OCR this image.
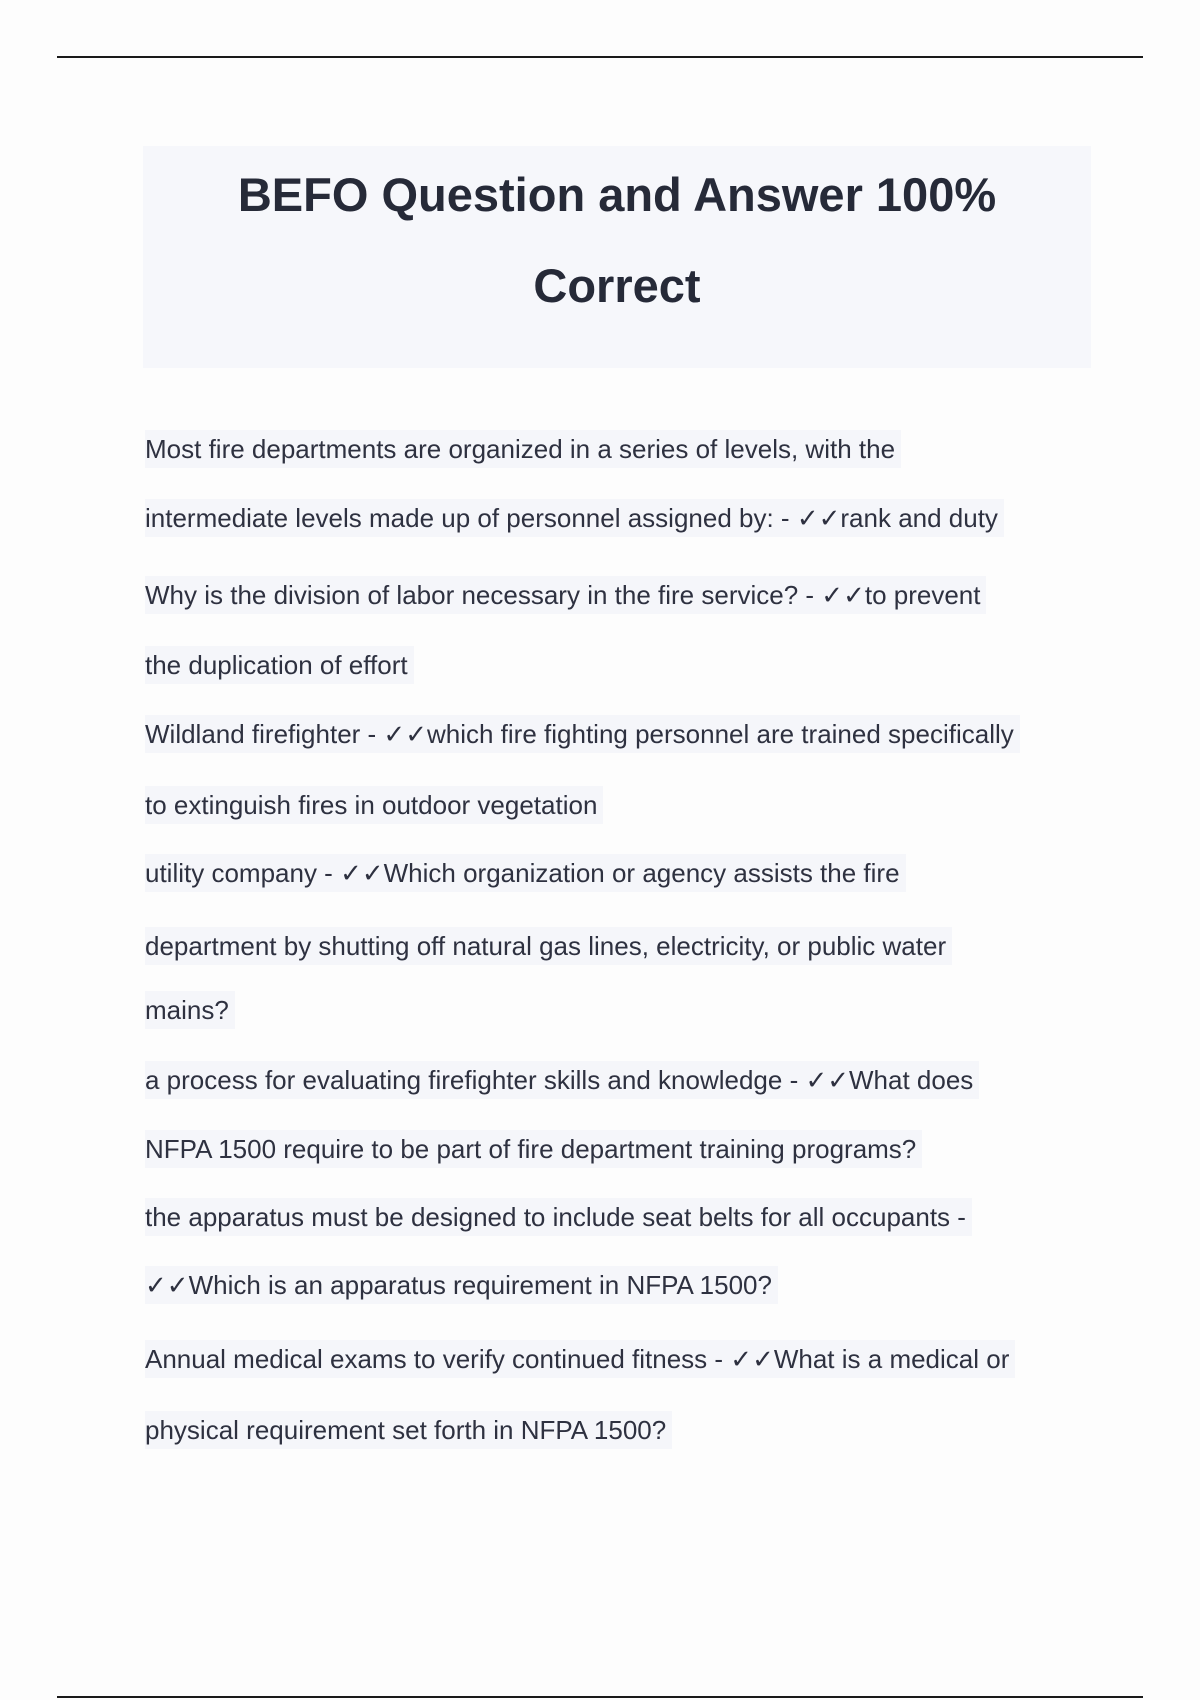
BEFO Question and Answer 100%
Correct
Most fire departments are organized in a series of levels, with the
intermediate levels made up of personnel assigned by: - ✓✓rank and duty
Why is the division of labor necessary in the fire service? - ✓✓to prevent
the duplication of effort
Wildland firefighter - ✓✓which fire fighting personnel are trained specifically
to extinguish fires in outdoor vegetation
utility company - ✓✓Which organization or agency assists the fire
department by shutting off natural gas lines, electricity, or public water
mains?
a process for evaluating firefighter skills and knowledge - ✓✓What does
NFPA 1500 require to be part of fire department training programs?
the apparatus must be designed to include seat belts for all occupants -
✓✓Which is an apparatus requirement in NFPA 1500?
Annual medical exams to verify continued fitness - ✓✓What is a medical or
physical requirement set forth in NFPA 1500?
